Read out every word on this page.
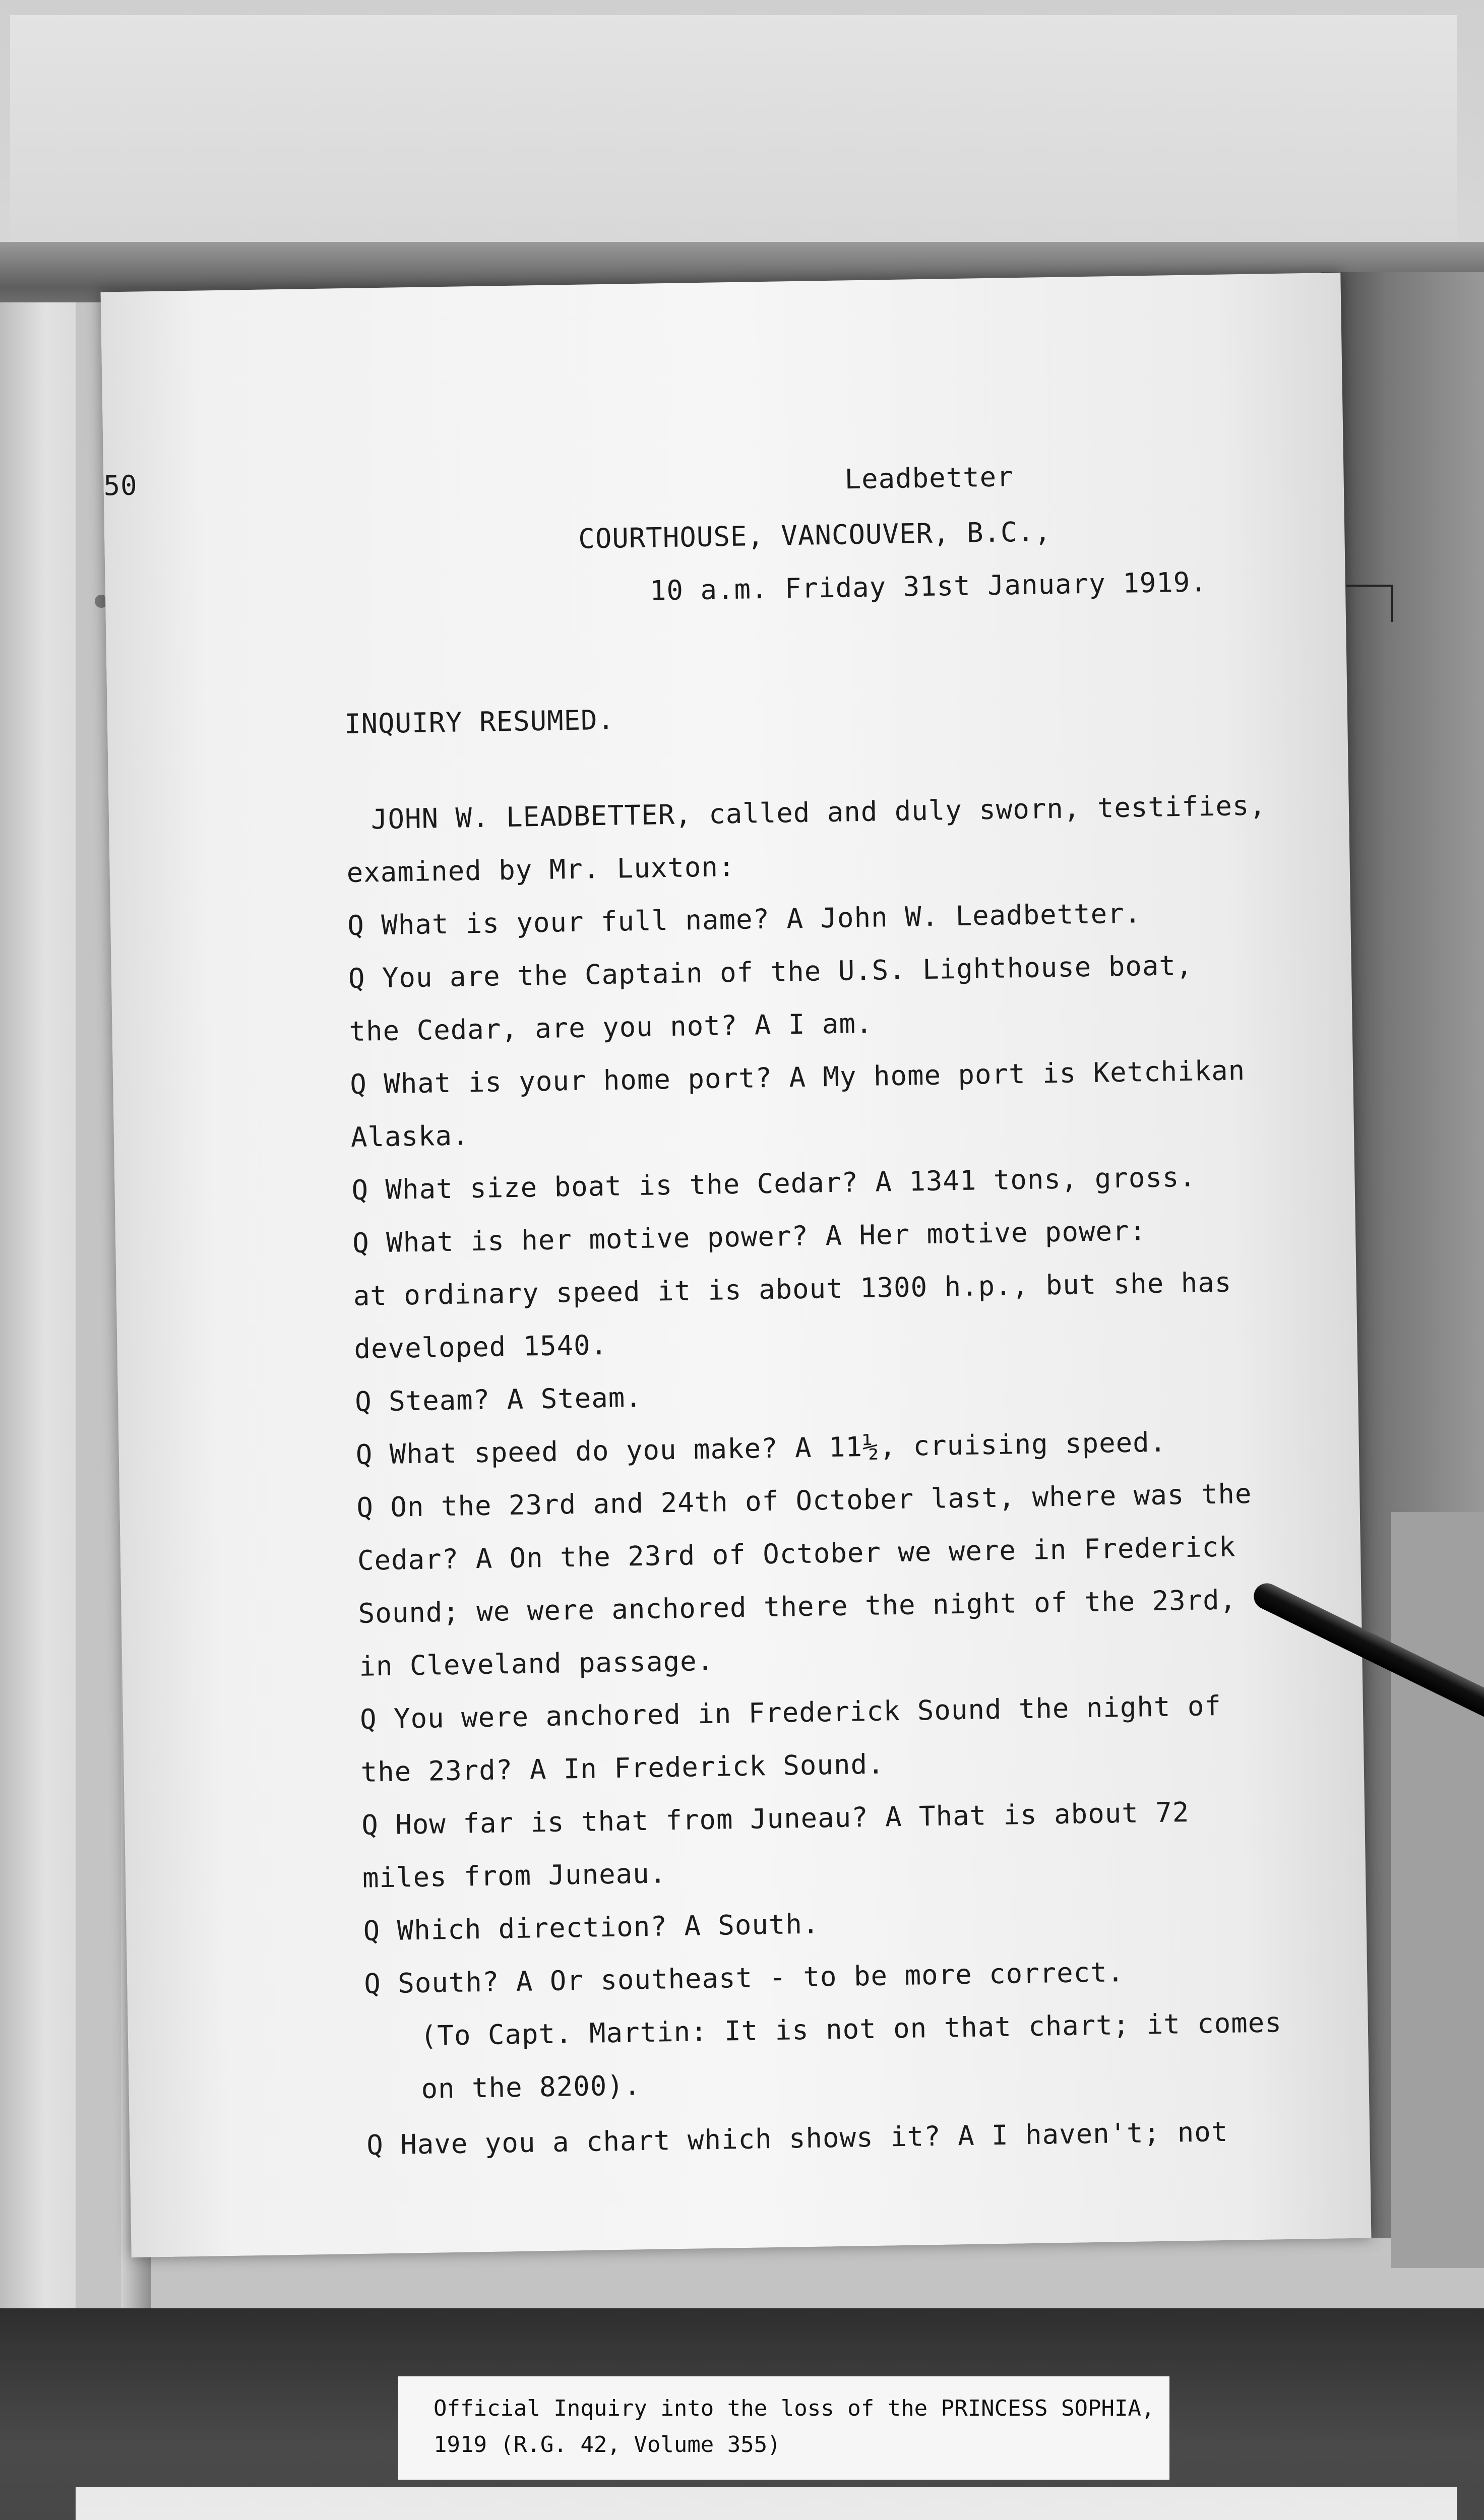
Leadbetter
50
COURTHOUSE, VANCOUVER, B.C.,
10 a.m. Friday 31st January 1919.
INQUIRY RESUMED.
JOHN W. LEADBETTER, called and duly sworn, testifies,
examined by Mr. Luxton:
Q What is your full name? A John W. Leadbetter.
Q You are the Captain of the U.S. Lighthouse boat,
the Cedar, are you not? A I am.
Q What is your home port? A My home port is Ketchikan
Alaska.
Q What size boat is the Cedar? A 1341 tons, gross.
Q What is her motive power? A Her motive power:
at ordinary speed it is about 1300 h.p., but she has
developed 1540.
Q Steam? A Steam.
Q What speed do you make? A 11½, cruising speed.
Q On the 23rd and 24th of October last, where was the
Cedar? A On the 23rd of October we were in Frederick
Sound; we were anchored there the night of the 23rd,
in Cleveland passage.
Q You were anchored in Frederick Sound the night of
the 23rd? A In Frederick Sound.
Q How far is that from Juneau? A That is about 72
miles from Juneau.
Q Which direction? A South.
Q South? A Or southeast - to be more correct.
(To Capt. Martin: It is not on that chart; it comes
on the 8200).
Q Have you a chart which shows it? A I haven't; not
Official Inquiry into the loss of the PRINCESS SOPHIA,
1919 (R.G. 42, Volume 355)
